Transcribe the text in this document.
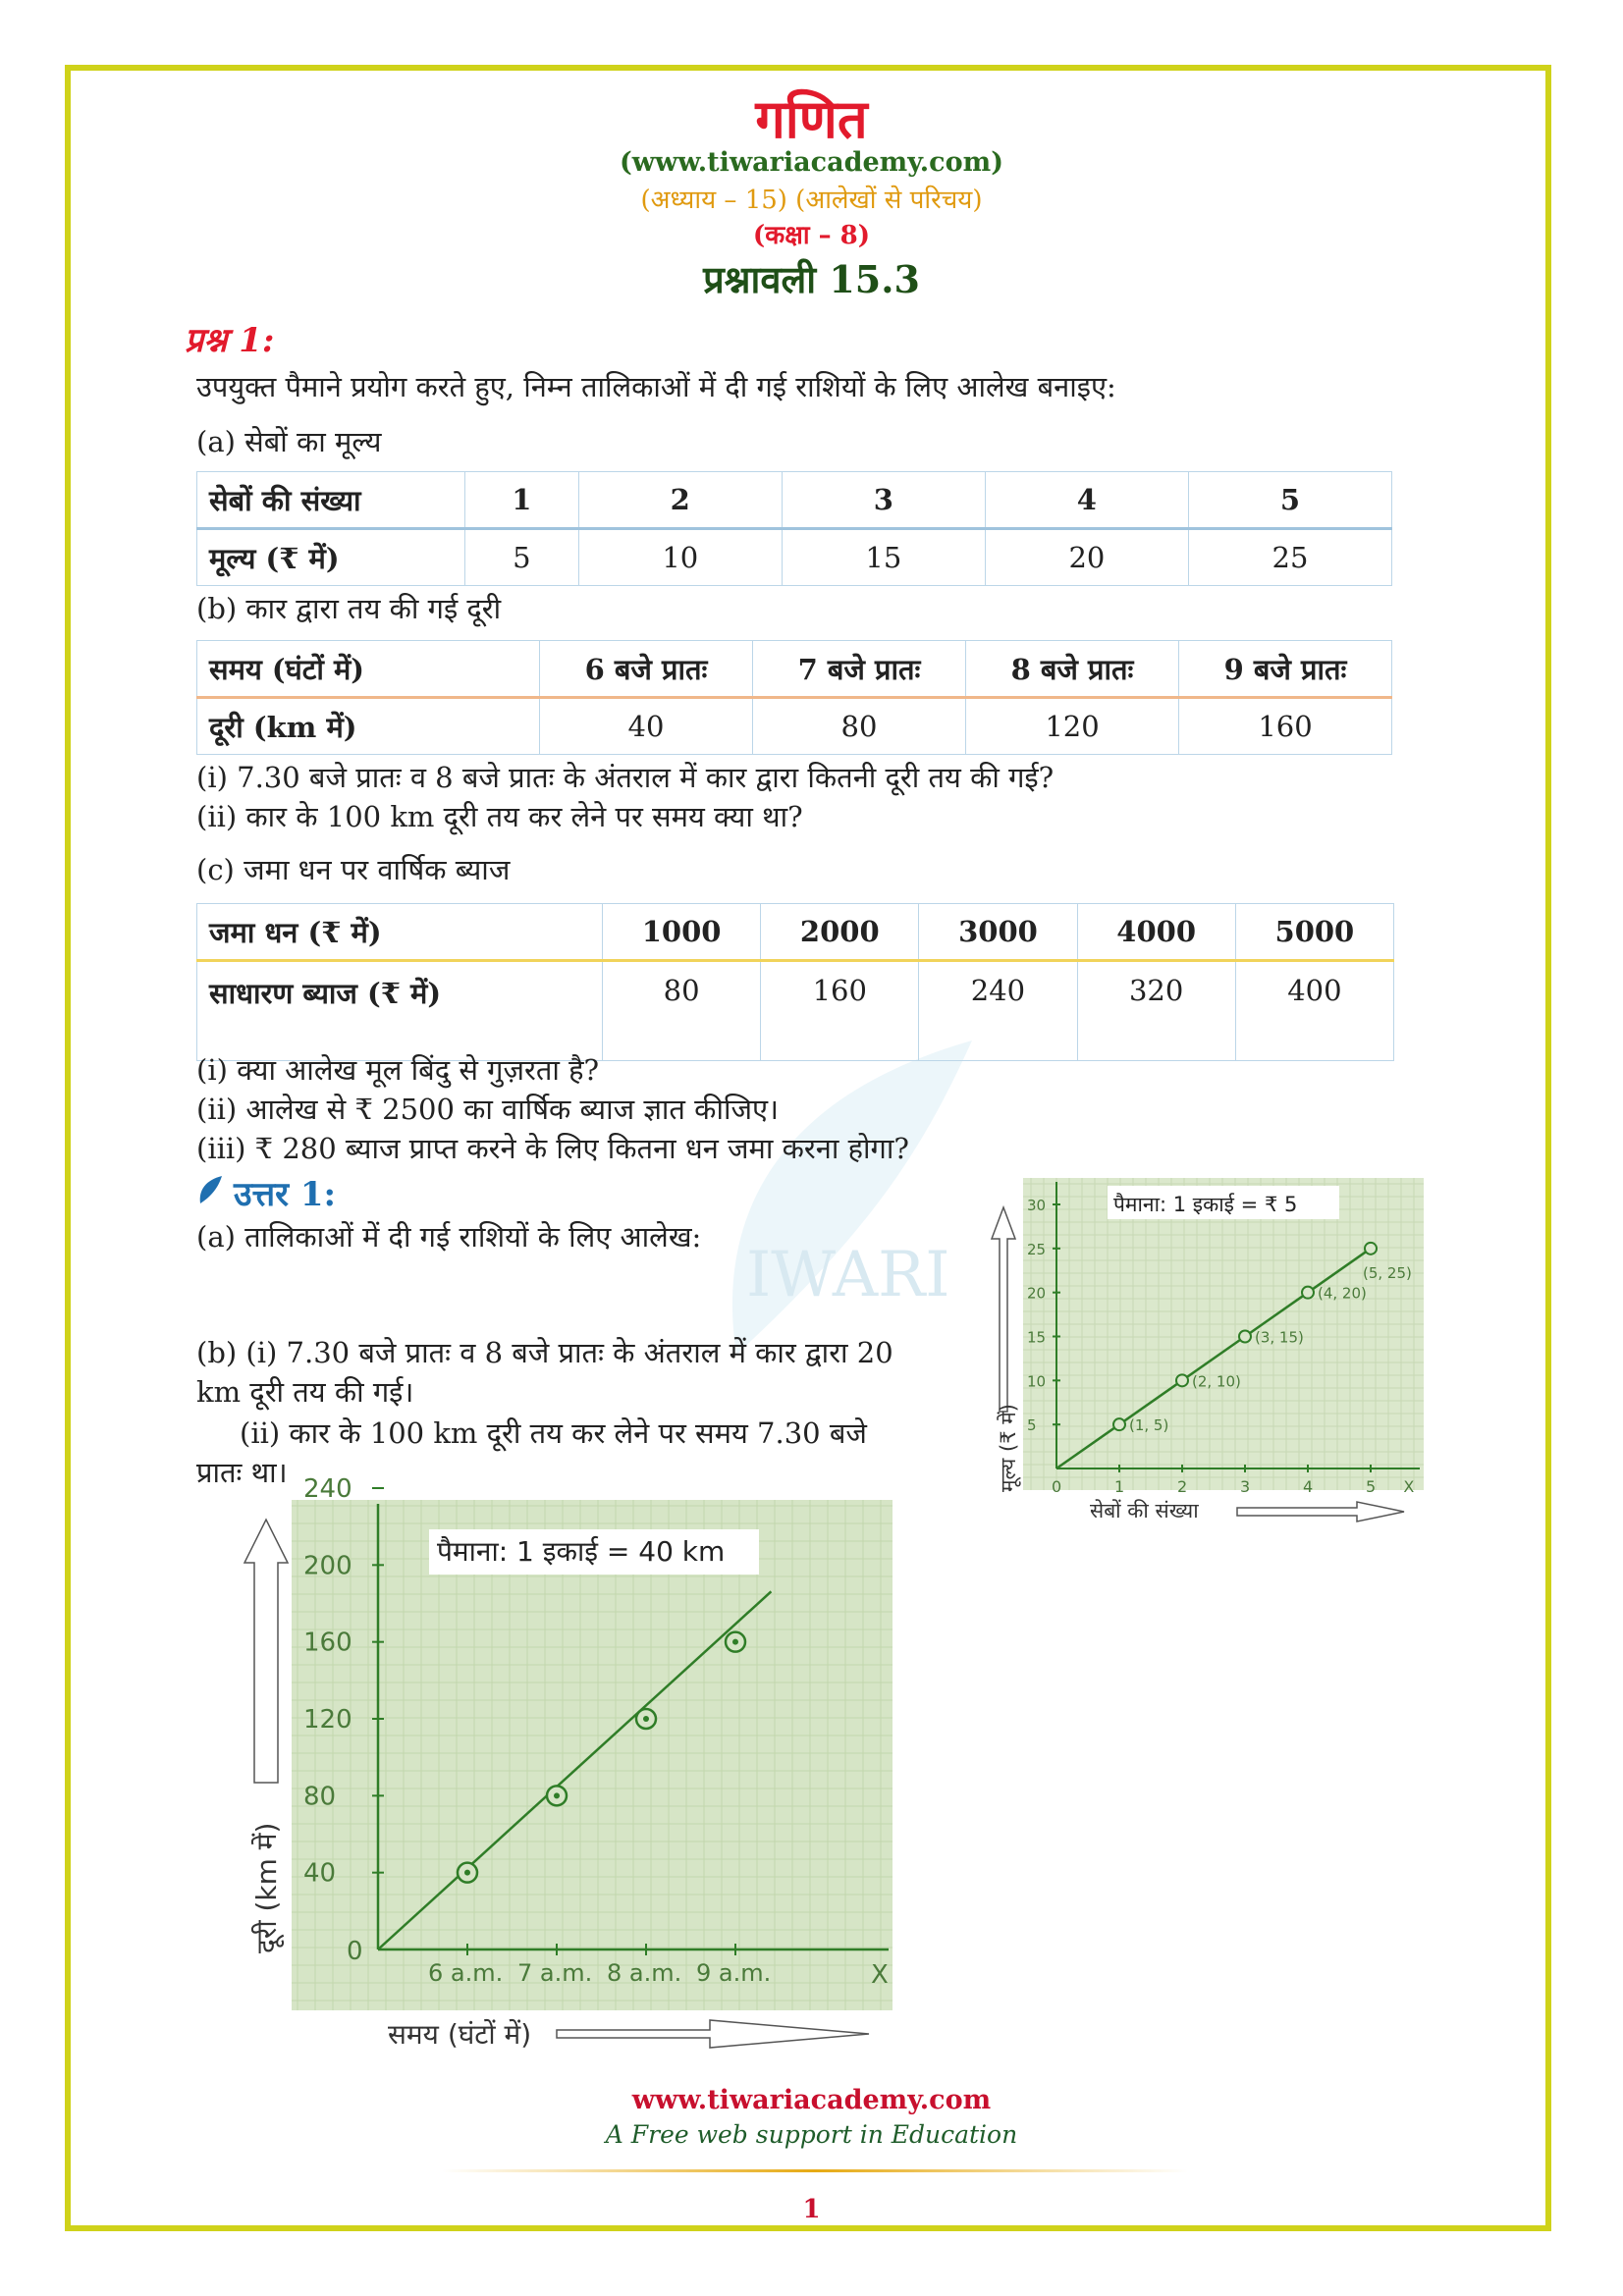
IWARI
गणित
(www.tiwariacademy.com)
(अध्याय – 15) (आलेखों से परिचय)
(कक्षा – 8)
प्रश्नावली 15.3
प्रश्न 1:
उपयुक्त पैमाने प्रयोग करते हुए, निम्न तालिकाओं में दी गई राशियों के लिए आलेख बनाइए:
(a) सेबों का मूल्य
सेबों की संख्या	1	2	3	4	5
मूल्य (₹ में)	5	10	15	20	25
(b) कार द्वारा तय की गई दूरी
समय (घंटों में)	6 बजे प्रातः	7 बजे प्रातः	8 बजे प्रातः	9 बजे प्रातः
दूरी (km में)	40	80	120	160
(i) 7.30 बजे प्रातः व 8 बजे प्रातः के अंतराल में कार द्वारा कितनी दूरी तय की गई?
(ii) कार के 100 km दूरी तय कर लेने पर समय क्या था?
(c) जमा धन पर वार्षिक ब्याज
जमा धन (₹ में)	1000	2000	3000	4000	5000
साधारण ब्याज (₹ में)	80	160	240	320	400
(i) क्या आलेख मूल बिंदु से गुज़रता है?
(ii) आलेख से ₹ 2500 का वार्षिक ब्याज ज्ञात कीजिए।
(iii) ₹ 280 ब्याज प्राप्त करने के लिए कितना धन जमा करना होगा?
उत्तर 1:
(a) तालिकाओं में दी गई राशियों के लिए आलेख:
(b) (i) 7.30 बजे प्रातः व 8 बजे प्रातः के अंतराल में कार द्वारा 20
km दूरी तय की गई।
(ii) कार के 100 km दूरी तय कर लेने पर समय 7.30 बजे
प्रातः था।
पैमाना: 1 इकाई = ₹ 5
5
10
15
20
25
30
0	1	2	3	4	5 X
(1, 5)
(2, 10)
(3, 15)
(4, 20)
(5, 25)
मूल्य (₹ में)
सेबों की संख्या
पैमाना: 1 इकाई = 40 km
40
80
120
160
200
240
0
6 a.m. 7 a.m. 8 a.m. 9 a.m.	X
दूरी (km में)
समय (घंटों में)
www.tiwariacademy.com
A Free web support in Education
1
